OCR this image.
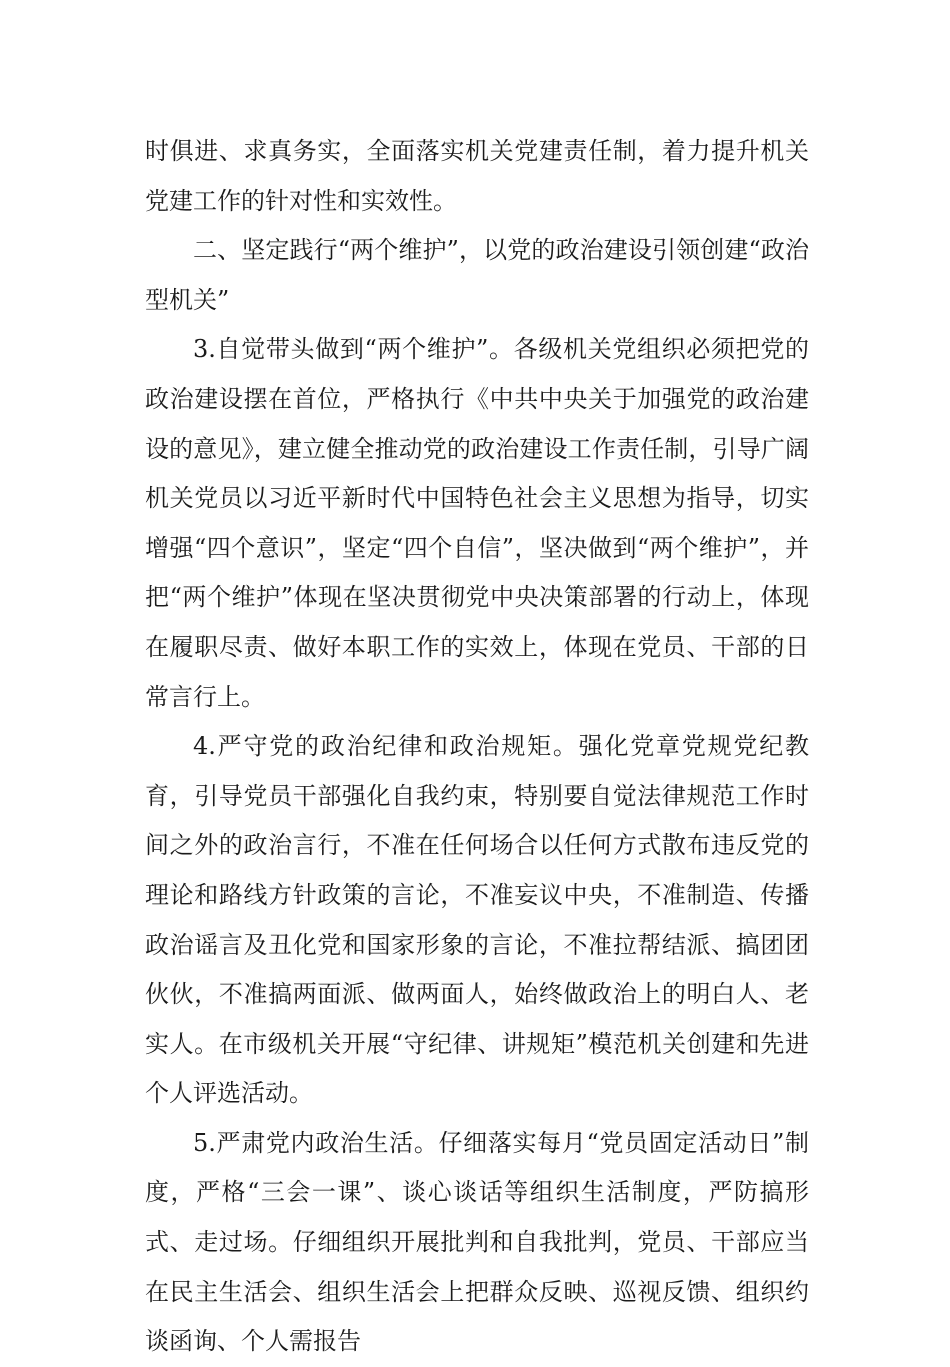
时俱进、求真务实，全面落实机关党建责任制，着力提升机关党建工作的针对性和实效性。

二、坚定践行“两个维护”，以党的政治建设引领创建“政治型机关”

3.自觉带头做到“两个维护”。各级机关党组织必须把党的政治建设摆在首位，严格执行《中共中央关于加强党的政治建设的意见》，建立健全推动党的政治建设工作责任制，引导广阔机关党员以习近平新时代中国特色社会主义思想为指导，切实增强“四个意识”，坚定“四个自信”，坚决做到“两个维护”，并把“两个维护”体现在坚决贯彻党中央决策部署的行动上，体现在履职尽责、做好本职工作的实效上，体现在党员、干部的日常言行上。

4.严守党的政治纪律和政治规矩。强化党章党规党纪教育，引导党员干部强化自我约束，特别要自觉法律规范工作时间之外的政治言行，不准在任何场合以任何方式散布违反党的理论和路线方针政策的言论，不准妄议中央，不准制造、传播政治谣言及丑化党和国家形象的言论，不准拉帮结派、搞团团伙伙，不准搞两面派、做两面人，始终做政治上的明白人、老实人。在市级机关开展“守纪律、讲规矩”模范机关创建和先进个人评选活动。

5.严肃党内政治生活。仔细落实每月“党员固定活动日”制度，严格“三会一课”、谈心谈话等组织生活制度，严防搞形式、走过场。仔细组织开展批判和自我批判，党员、干部应当在民主生活会、组织生活会上把群众反映、巡视反馈、组织约谈函询、个人需报告
